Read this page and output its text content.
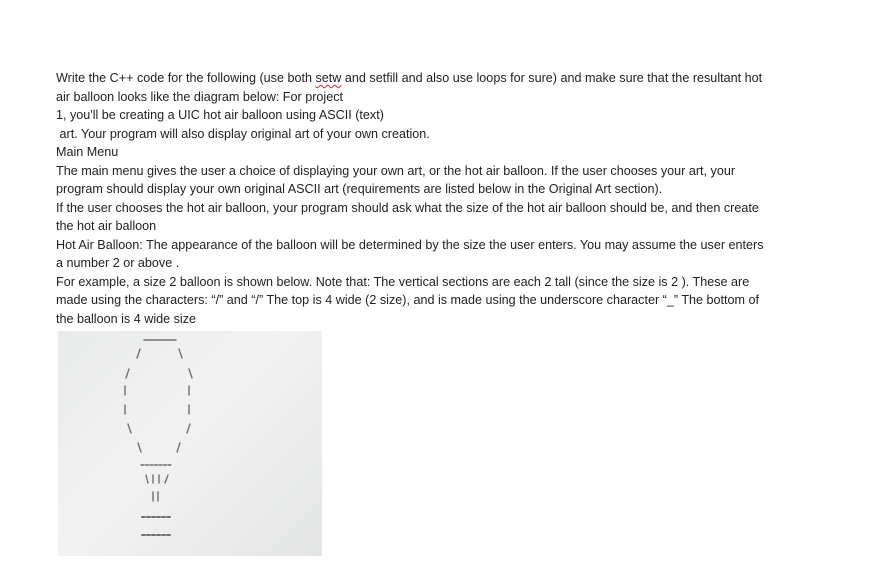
Write the C++ code for the following (use both setw and setfill and also use loops for sure) and make sure that the resultant hot

air balloon looks like the diagram below: For project

1, you'll be creating a UIC hot air balloon using ASCII (text)

art. Your program will also display original art of your own creation.

Main Menu

The main menu gives the user a choice of displaying your own art, or the hot air balloon. If the user chooses your art, your

program should display your own original ASCII art (requirements are listed below in the Original Art section).

If the user chooses the hot air balloon, your program should ask what the size of the hot air balloon should be, and then create

the hot air balloon

Hot Air Balloon: The appearance of the balloon will be determined by the size the user enters. You may assume the user enters

a number 2 or above .

For example, a size 2 balloon is shown below. Note that: The vertical sections are each 2 tall (since the size is 2 ). These are

made using the characters: “/” and “/” The top is 4 wide (2 size), and is made using the underscore character “_” The bottom of

the balloon is 4 wide size
